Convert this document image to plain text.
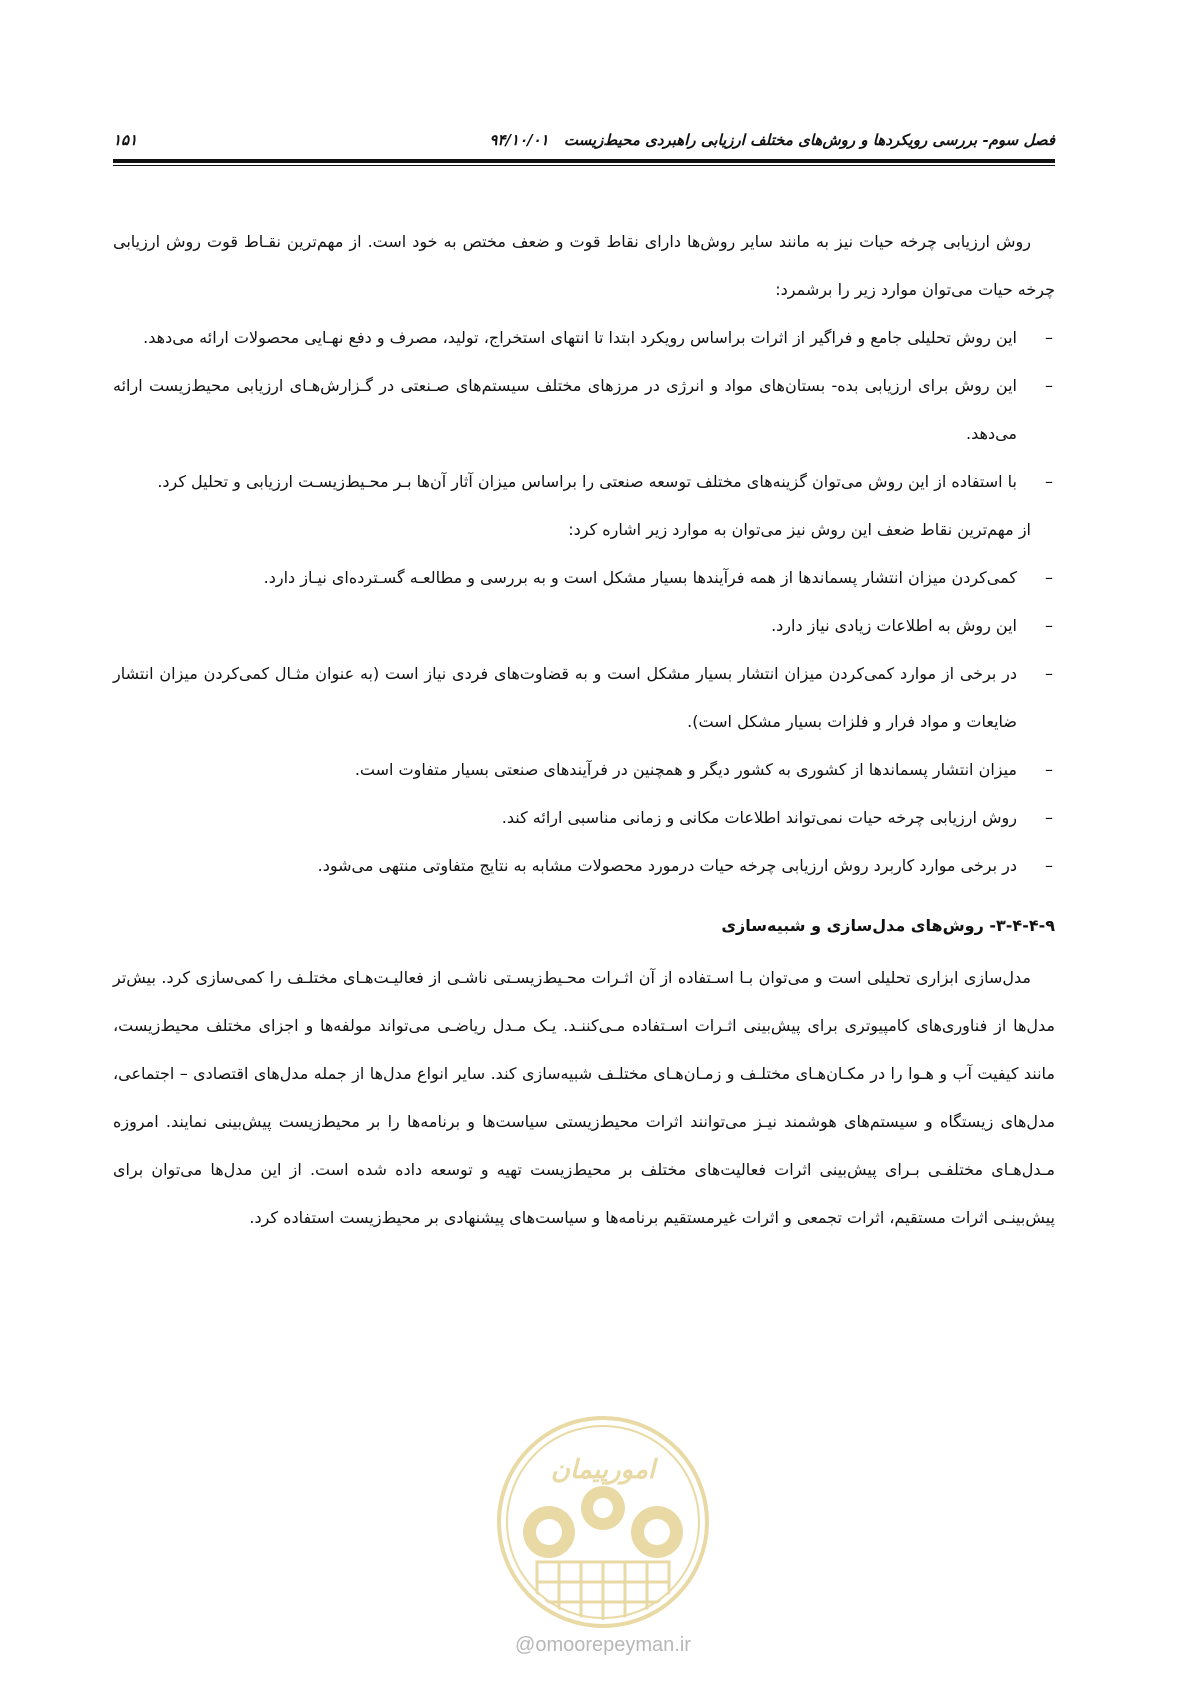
فصل سوم- بررسی رویکردها و روش‌های مختلف ارزیابی راهبردی محیط‌زیست ۹۴/۱۰/۰۱
۱۵۱

روش ارزیابی چرخه حیات نیز به مانند سایر روش‌ها دارای نقاط قوت و ضعف مختص به خود است. از مهم‌ترین نقـاط قوت روش ارزیابی چرخه حیات می‌توان موارد زیر را برشمرد:

–
این روش تحلیلی جامع و فراگیر از اثرات براساس رویکرد ابتدا تا انتهای استخراج، تولید، مصرف و دفع نهـایی محصولات ارائه می‌دهد.

–
این روش برای ارزیابی بده- بستان‌های مواد و انرژی در مرزهای مختلف سیستم‌های صـنعتی در گـزارش‌هـای ارزیابی محیط‌زیست ارائه می‌دهد.

–
با استفاده از این روش می‌توان گزینه‌های مختلف توسعه صنعتی را براساس میزان آثار آن‌ها بـر محـیط‌زیسـت ارزیابی و تحلیل کرد.

از مهم‌ترین نقاط ضعف این روش نیز می‌توان به موارد زیر اشاره کرد:

–
کمی‌کردن میزان انتشار پسماندها از همه فرآیندها بسیار مشکل است و به بررسی و مطالعـه گسـترده‌ای نیـاز دارد.

–
این روش به اطلاعات زیادی نیاز دارد.

–
در برخی از موارد کمی‌کردن میزان انتشار بسیار مشکل است و به قضاوت‌های فردی نیاز است (به عنوان مثـال کمی‌کردن میزان انتشار ضایعات و مواد فرار و فلزات بسیار مشکل است).

–
میزان انتشار پسماندها از کشوری به کشور دیگر و همچنین در فرآیندهای صنعتی بسیار متفاوت است.

–
روش ارزیابی چرخه حیات نمی‌تواند اطلاعات مکانی و زمانی مناسبی ارائه کند.

–
در برخی موارد کاربرد روش ارزیابی چرخه حیات درمورد محصولات مشابه به نتایج متفاوتی منتهی می‌شود.

۳-۴-۴-۹- روش‌های مدل‌سازی و شبیه‌سازی

مدل‌سازی ابزاری تحلیلی است و می‌توان بـا اسـتفاده از آن اثـرات محـیط‌زیسـتی ناشـی از فعالیـت‌هـای مختلـف را کمی‌سازی کرد. بیش‌تر مدل‌ها از فناوری‌های کامپیوتری برای پیش‌بینی اثـرات اسـتفاده مـی‌کننـد. یـک مـدل ریاضـی می‌تواند مولفه‌ها و اجزای مختلف محیط‌زیست، مانند کیفیت آب و هـوا را در مکـان‌هـای مختلـف و زمـان‌هـای مختلـف شبیه‌سازی کند. سایر انواع مدل‌ها از جمله مدل‌های اقتصادی – اجتماعی، مدل‌های زیستگاه و سیستم‌های هوشمند نیـز می‌توانند اثرات محیط‌زیستی سیاست‌ها و برنامه‌ها را بر محیط‌زیست پیش‌بینی نمایند. امروزه مـدل‌هـای مختلفـی بـرای پیش‌بینی اثرات فعالیت‌های مختلف بر محیط‌زیست تهیه و توسعه داده شده است. از این مدل‌ها می‌توان برای پیش‌بینـی اثرات مستقیم، اثرات تجمعی و اثرات غیرمستقیم برنامه‌ها و سیاست‌های پیشنهادی بر محیط‌زیست استفاده کرد.

امورپیمان
@omoorepeyman.ir
